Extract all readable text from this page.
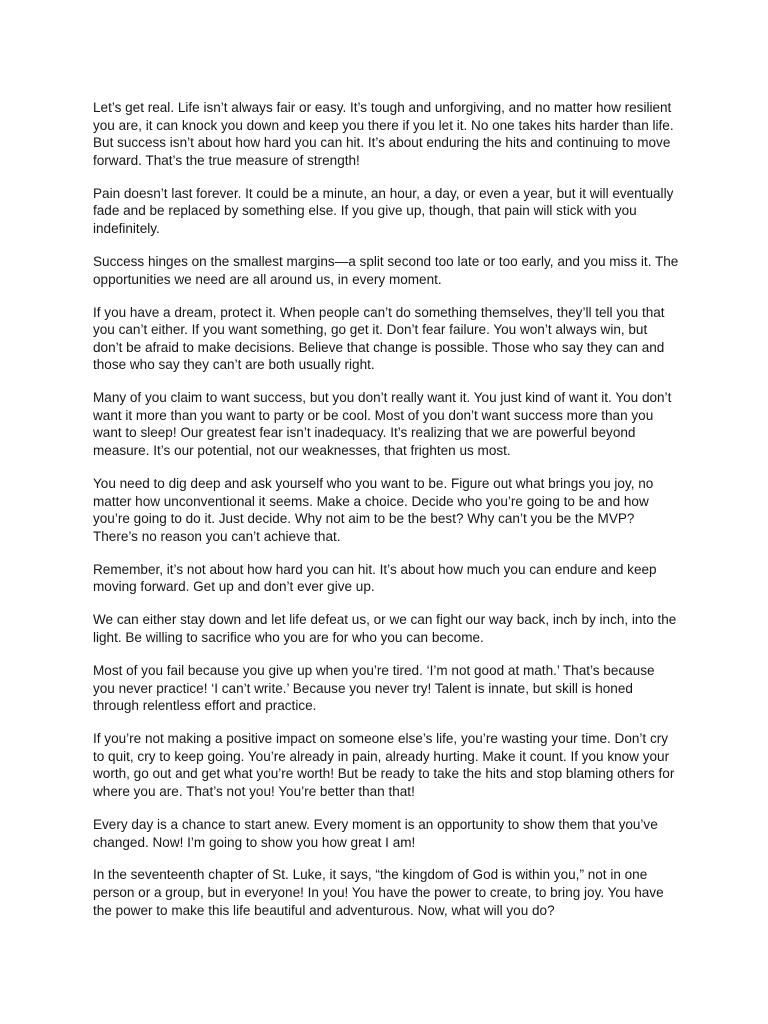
Let’s get real. Life isn’t always fair or easy. It’s tough and unforgiving, and no matter how resilient you are, it can knock you down and keep you there if you let it. No one takes hits harder than life. But success isn’t about how hard you can hit. It’s about enduring the hits and continuing to move forward. That’s the true measure of strength!

Pain doesn’t last forever. It could be a minute, an hour, a day, or even a year, but it will eventually fade and be replaced by something else. If you give up, though, that pain will stick with you indefinitely.

Success hinges on the smallest margins—a split second too late or too early, and you miss it. The opportunities we need are all around us, in every moment.

If you have a dream, protect it. When people can’t do something themselves, they’ll tell you that you can’t either. If you want something, go get it. Don’t fear failure. You won’t always win, but don’t be afraid to make decisions. Believe that change is possible. Those who say they can and those who say they can’t are both usually right.

Many of you claim to want success, but you don’t really want it. You just kind of want it. You don’t want it more than you want to party or be cool. Most of you don’t want success more than you want to sleep! Our greatest fear isn’t inadequacy. It’s realizing that we are powerful beyond measure. It’s our potential, not our weaknesses, that frighten us most.

You need to dig deep and ask yourself who you want to be. Figure out what brings you joy, no matter how unconventional it seems. Make a choice. Decide who you’re going to be and how you’re going to do it. Just decide. Why not aim to be the best? Why can’t you be the MVP? There’s no reason you can’t achieve that.

Remember, it’s not about how hard you can hit. It’s about how much you can endure and keep moving forward. Get up and don’t ever give up.

We can either stay down and let life defeat us, or we can fight our way back, inch by inch, into the light. Be willing to sacrifice who you are for who you can become.

Most of you fail because you give up when you’re tired. ‘I’m not good at math.’ That’s because you never practice! ‘I can’t write.’ Because you never try! Talent is innate, but skill is honed through relentless effort and practice.

If you’re not making a positive impact on someone else’s life, you’re wasting your time. Don’t cry to quit, cry to keep going. You’re already in pain, already hurting. Make it count. If you know your worth, go out and get what you’re worth! But be ready to take the hits and stop blaming others for where you are. That’s not you! You’re better than that!

Every day is a chance to start anew. Every moment is an opportunity to show them that you’ve changed. Now! I’m going to show you how great I am!

In the seventeenth chapter of St. Luke, it says, “the kingdom of God is within you,” not in one person or a group, but in everyone! In you! You have the power to create, to bring joy. You have the power to make this life beautiful and adventurous. Now, what will you do?
